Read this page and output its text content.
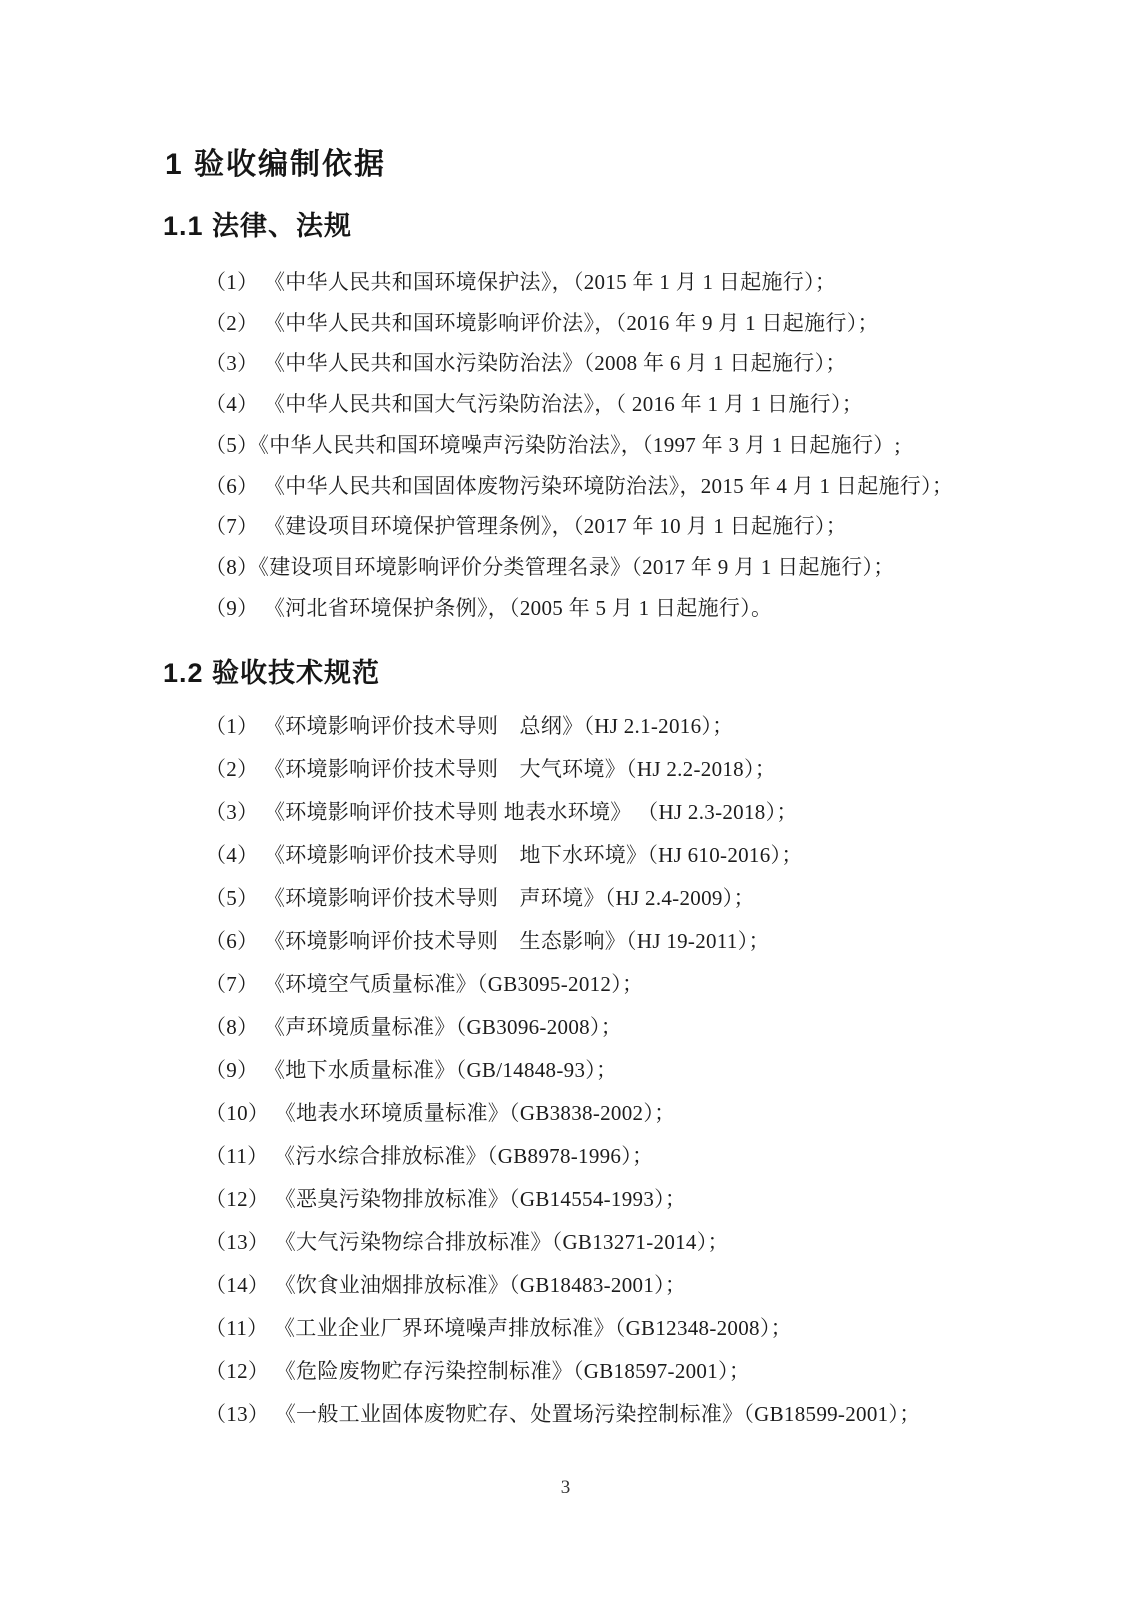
1 验收编制依据
1.1 法律、法规

（1） 《中华人民共和国环境保护法》，（2015 年 1 月 1 日起施行）；

（2） 《中华人民共和国环境影响评价法》，（2016 年 9 月 1 日起施行）；

（3） 《中华人民共和国水污染防治法》（2008 年 6 月 1 日起施行）；

（4） 《中华人民共和国大气污染防治法》，（ 2016 年 1 月 1 日施行）；

（5）《中华人民共和国环境噪声污染防治法》，（1997 年 3 月 1 日起施行）;

（6） 《中华人民共和国固体废物污染环境防治法》，2015 年 4 月 1 日起施行）；

（7） 《建设项目环境保护管理条例》，（2017 年 10 月 1 日起施行）；

（8）《建设项目环境影响评价分类管理名录》（2017 年 9 月 1 日起施行）；

（9） 《河北省环境保护条例》，（2005 年 5 月 1 日起施行）。

1.2 验收技术规范

（1） 《环境影响评价技术导则　总纲》（HJ 2.1-2016）；

（2） 《环境影响评价技术导则　大气环境》（HJ 2.2-2018）；

（3） 《环境影响评价技术导则 地表水环境》 （HJ 2.3-2018）；

（4） 《环境影响评价技术导则　地下水环境》（HJ 610-2016）；

（5） 《环境影响评价技术导则　声环境》（HJ 2.4-2009）；

（6） 《环境影响评价技术导则　生态影响》（HJ 19-2011）；

（7） 《环境空气质量标准》（GB3095-2012）；

（8） 《声环境质量标准》（GB3096-2008）；

（9） 《地下水质量标准》（GB/14848-93）；

（10） 《地表水环境质量标准》（GB3838-2002）；

（11） 《污水综合排放标准》（GB8978-1996）；

（12） 《恶臭污染物排放标准》（GB14554-1993）；

（13） 《大气污染物综合排放标准》（GB13271-2014）；

（14） 《饮食业油烟排放标准》（GB18483-2001）；

（11） 《工业企业厂界环境噪声排放标准》（GB12348-2008）；

（12） 《危险废物贮存污染控制标准》（GB18597-2001）；

（13） 《一般工业固体废物贮存、处置场污染控制标准》（GB18599-2001）；

3
